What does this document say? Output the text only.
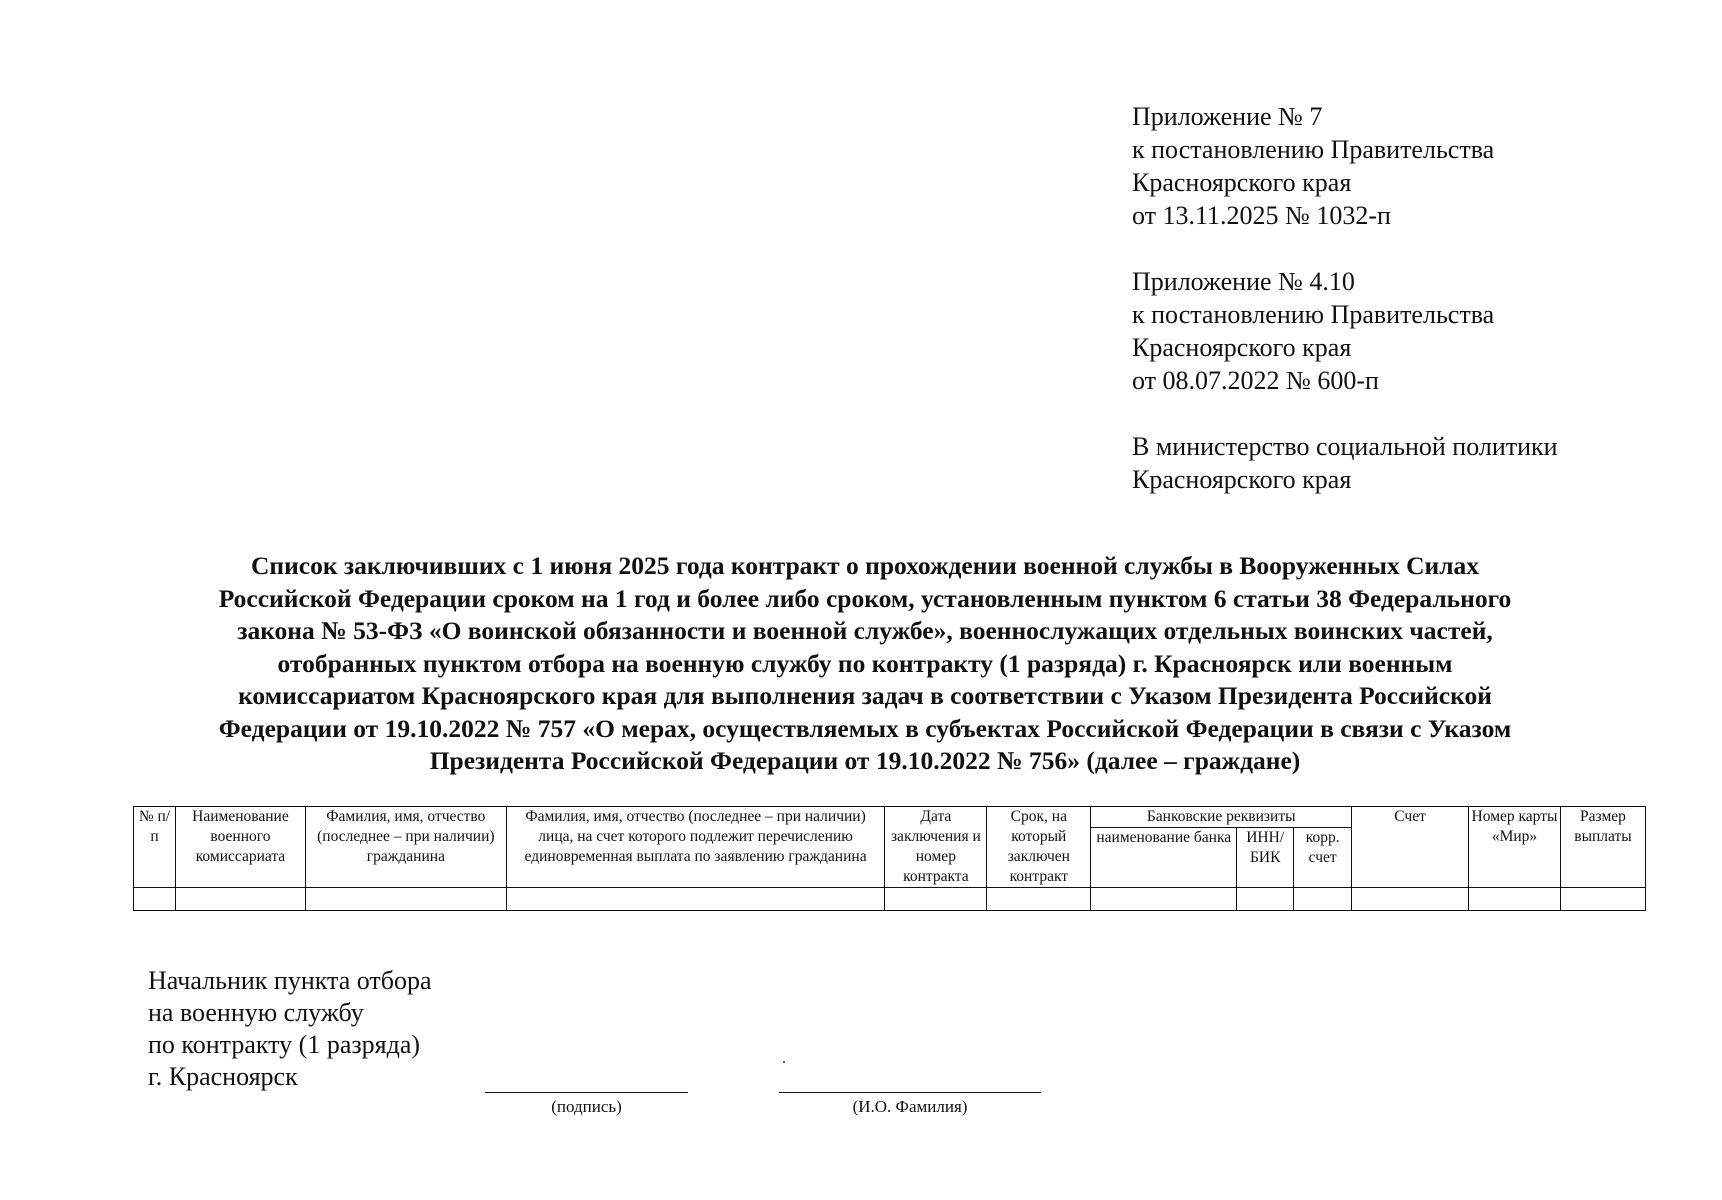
Приложение № 7
к постановлению Правительства
Красноярского края
от 13.11.2025 № 1032-п
Приложение № 4.10
к постановлению Правительства
Красноярского края
от 08.07.2022 № 600-п
В министерство социальной политики
Красноярского края
Список заключивших с 1 июня 2025 года контракт о прохождении военной службы в Вооруженных Силах
Российской Федерации сроком на 1 год и более либо сроком, установленным пунктом 6 статьи 38 Федерального
закона № 53-ФЗ «О воинской обязанности и военной службе», военнослужащих отдельных воинских частей,
отобранных пунктом отбора на военную службу по контракту (1 разряда) г. Красноярск или военным
комиссариатом Красноярского края для выполнения задач в соответствии с Указом Президента Российской
Федерации от 19.10.2022 № 757 «О мерах, осуществляемых в субъектах Российской Федерации в связи с Указом
Президента Российской Федерации от 19.10.2022 № 756» (далее – граждане)
№ п/п	Наименование военного комиссариата	Фамилия, имя, отчество (последнее – при наличии) гражданина	Фамилия, имя, отчество (последнее – при наличии) лица, на счет которого подлежит перечислению единовременная выплата по заявлению гражданина	Дата заключения и номер контракта	Срок, на который заключен контракт	Банковские реквизиты			Счет	Номер карты «Мир»	Размер выплаты
						наименование банка	ИНН/ БИК	корр. счет			

Начальник пункта отбора
на военную службу
по контракту (1 разряда)
г. Красноярск
(подпись)	(И.О. Фамилия)
